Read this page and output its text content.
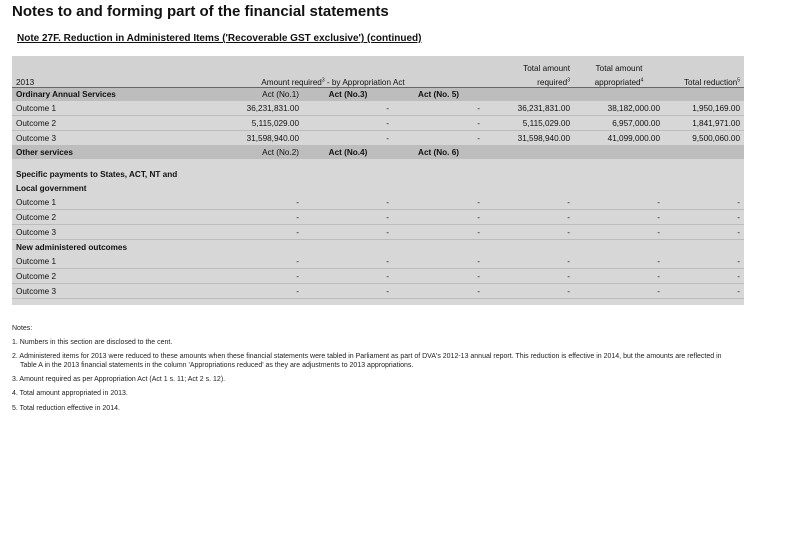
Notes to and forming part of the financial statements
Note 27F. Reduction in Administered Items ('Recoverable GST exclusive') (continued)
				Total amount	Total amount	
2013	Amount required$^3$ - by Appropriation Act			required$^3$	appropriated$^4$	Total reduction$^5$
Ordinary Annual Services	Act (No.1)	Act (No.3)	Act (No. 5)			
Outcome 1	36,231,831.00	-	-	36,231,831.00	38,182,000.00	1,950,169.00
Outcome 2	5,115,029.00	-	-	5,115,029.00	6,957,000.00	1,841,971.00
Outcome 3	31,598,940.00	-	-	31,598,940.00	41,099,000.00	9,500,060.00
Other services	Act (No.2)	Act (No.4)	Act (No. 6)			

Specific payments to States, ACT, NT and						
Local government						
Outcome 1	-	-	-	-	-	-
Outcome 2	-	-	-	-	-	-
Outcome 3	-	-	-	-	-	-
New administered outcomes						
Outcome 1	-	-	-	-	-	-
Outcome 2	-	-	-	-	-	-
Outcome 3	-	-	-	-	-	-

Notes:

1. Numbers in this section are disclosed to the cent.

2. Administered items for 2013 were reduced to these amounts when these financial statements were tabled in Parliament as part of DVA's 2012-13 annual report. This reduction is effective in 2014, but the amounts are reflected in
Table A in the 2013 financial statements in the column 'Appropriations reduced' as they are adjustments to 2013 appropriations.

3. Amount required as per Appropriation Act (Act 1 s. 11; Act 2 s. 12).

4. Total amount appropriated in 2013.

5. Total reduction effective in 2014.
